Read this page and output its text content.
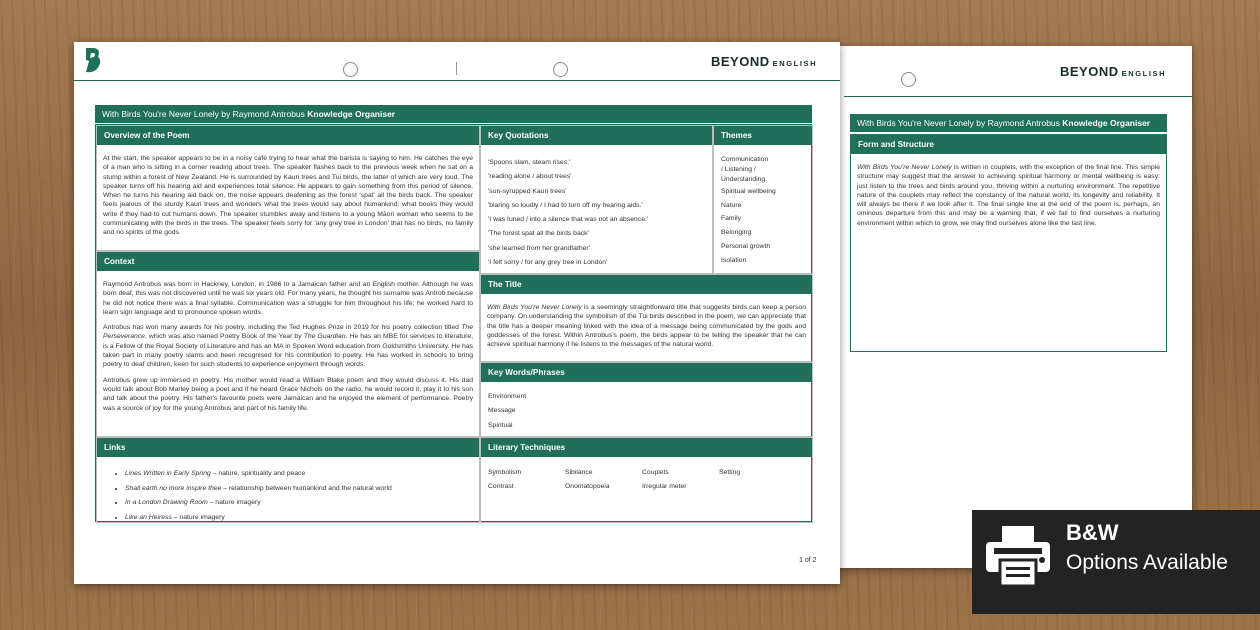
BEYOND ENGLISH
With Birds You're Never Lonely by Raymond Antrobus Knowledge Organiser
Form and Structure

With Birds You're Never Lonely is written in couplets, with the exception of the final line. This simple structure may suggest that the answer to achieving spiritual harmony or mental wellbeing is easy: just listen to the trees and birds around you, thriving within a nurturing environment. The repetitive nature of the couplets may reflect the constancy of the natural world, its longevity and reliability. It will always be there if we look after it. The final single line at the end of the poem is, perhaps, an ominous departure from this and may be a warning that, if we fail to find ourselves a nurturing environment within which to grow, we may find ourselves alone like the last line.

BEYOND ENGLISH
With Birds You're Never Lonely by Raymond Antrobus Knowledge Organiser
Overview of the Poem

At the start, the speaker appears to be in a noisy café trying to hear what the barista is saying to him. He catches the eye of a man who is sitting in a corner reading about trees. The speaker flashes back to the previous week when he sat on a stump within a forest of New Zealand. He is surrounded by Kauri trees and Tui birds, the latter of which are very loud. The speaker turns off his hearing aid and experiences total silence. He appears to gain something from this period of silence. When he turns his hearing aid back on, the noise appears deafening as the forest 'spat' all the birds back. The speaker feels jealous of the sturdy Kauri trees and wonders what the trees would say about humankind: what books they would write if they had to cut humans down. The speaker stumbles away and listens to a young Māori woman who seems to be communicating with the birds in the trees. The speaker feels sorry for 'any grey tree in London' that has no birds, no family and no spirits of the gods.

Context

Raymond Antrobus was born in Hackney, London, in 1986 to a Jamaican father and an English mother. Although he was born deaf, this was not discovered until he was six years old. For many years, he thought his surname was Antrob because he did not notice there was a final syllable. Communication was a struggle for him throughout his life; he worked hard to learn sign language and to pronounce spoken words.

Antrobus has won many awards for his poetry, including the Ted Hughes Prize in 2019 for his poetry collection titled The Perseverance, which was also named Poetry Book of the Year by The Guardian. He has an MBE for services to literature, is a Fellow of the Royal Society of Literature and has an MA in Spoken Word education from Goldsmiths University. He has taken part in many poetry slams and been recognised for his contribution to poetry. He has worked in schools to bring poetry to deaf children, keen for such students to experience enjoyment through words.

Antrobus grew up immersed in poetry. His mother would read a William Blake poem and they would discuss it. His dad would talk about Bob Marley being a poet and if he heard Grace Nichols on the radio, he would record it, play it to his son and talk about the poetry. His father's favourite poets were Jamaican and he enjoyed the element of performance. Poetry was a source of joy for the young Antrobus and part of his family life.

Links
• Lines Written in Early Spring – nature, spirituality and peace
• Shall earth no more inspire thee – relationship between humankind and the natural world
• In a London Drawing Room – nature imagery
• Like an Heiress – nature imagery
Key Quotations
'Spoons slam, steam rises.'
'reading alone / about trees'
'sun-syrupped Kauri trees'
'blaring so loudly / I had to turn off my hearing aids.'
'I was tuned / into a silence that was not an absence.'
'The forest spat all the birds back'
'she learned from her grandfather'
'I felt sorry / for any grey tree in London'
Themes
Communication
/ Listening /
Understanding
Spiritual wellbeing
Nature
Family
Belonging
Personal growth
Isolation
The Title

With Birds You're Never Lonely is a seemingly straightforward title that suggests birds can keep a person company. On understanding the symbolism of the Tui birds described in the poem, we can appreciate that the title has a deeper meaning linked with the idea of a message being communicated by the gods and goddesses of the forest. Within Antrobus's poem, the birds appear to be telling the speaker that he can achieve spiritual harmony if he listens to the messages of the natural world.

Key Words/Phrases
Environment
Message
Spiritual
Literary Techniques
Symbolism	Sibilance	Couplets	Setting
Contrast	Onomatopoeia	Irregular meter
1 of 2
B&W
Options Available
